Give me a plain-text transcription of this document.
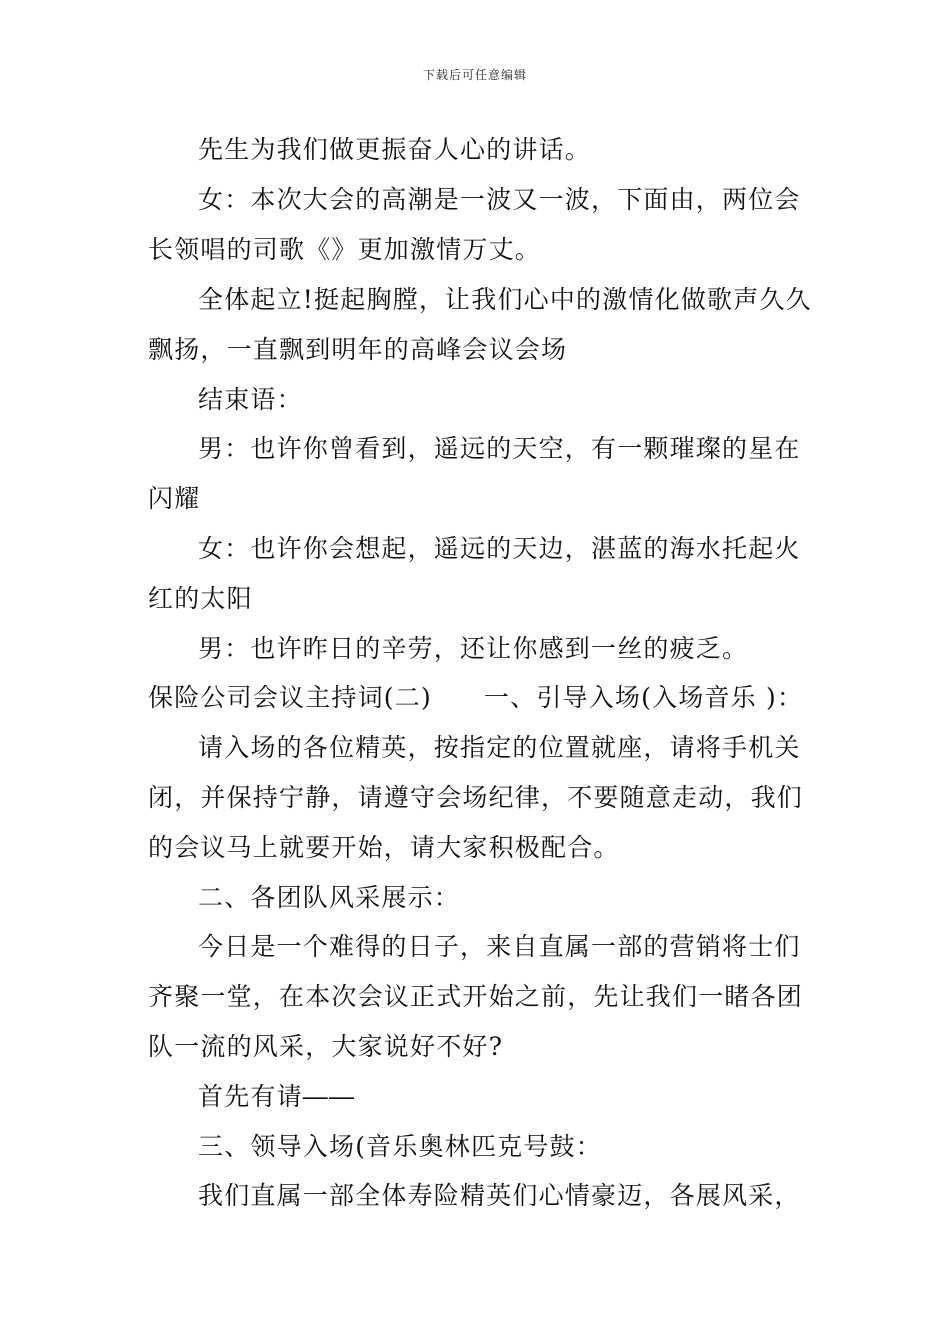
下载后可任意编辑
先生为我们做更振奋人心的讲话。
女：本次大会的高潮是一波又一波，下面由，两位会
长领唱的司歌《》更加激情万丈。
全体起立!挺起胸膛，让我们心中的激情化做歌声久久
飘扬，一直飘到明年的高峰会议会场
结束语：
男：也许你曾看到，遥远的天空，有一颗璀璨的星在
闪耀
女：也许你会想起，遥远的天边，湛蓝的海水托起火
红的太阳
男：也许昨日的辛劳，还让你感到一丝的疲乏。
保险公司会议主持词(二) 一、引导入场(入场音乐 )：
请入场的各位精英，按指定的位置就座，请将手机关
闭，并保持宁静，请遵守会场纪律，不要随意走动，我们
的会议马上就要开始，请大家积极配合。
二、各团队风采展示：
今日是一个难得的日子，来自直属一部的营销将士们
齐聚一堂，在本次会议正式开始之前，先让我们一睹各团
队一流的风采，大家说好不好?
首先有请――
三、领导入场(音乐奥林匹克号鼓：
我们直属一部全体寿险精英们心情豪迈，各展风采，
